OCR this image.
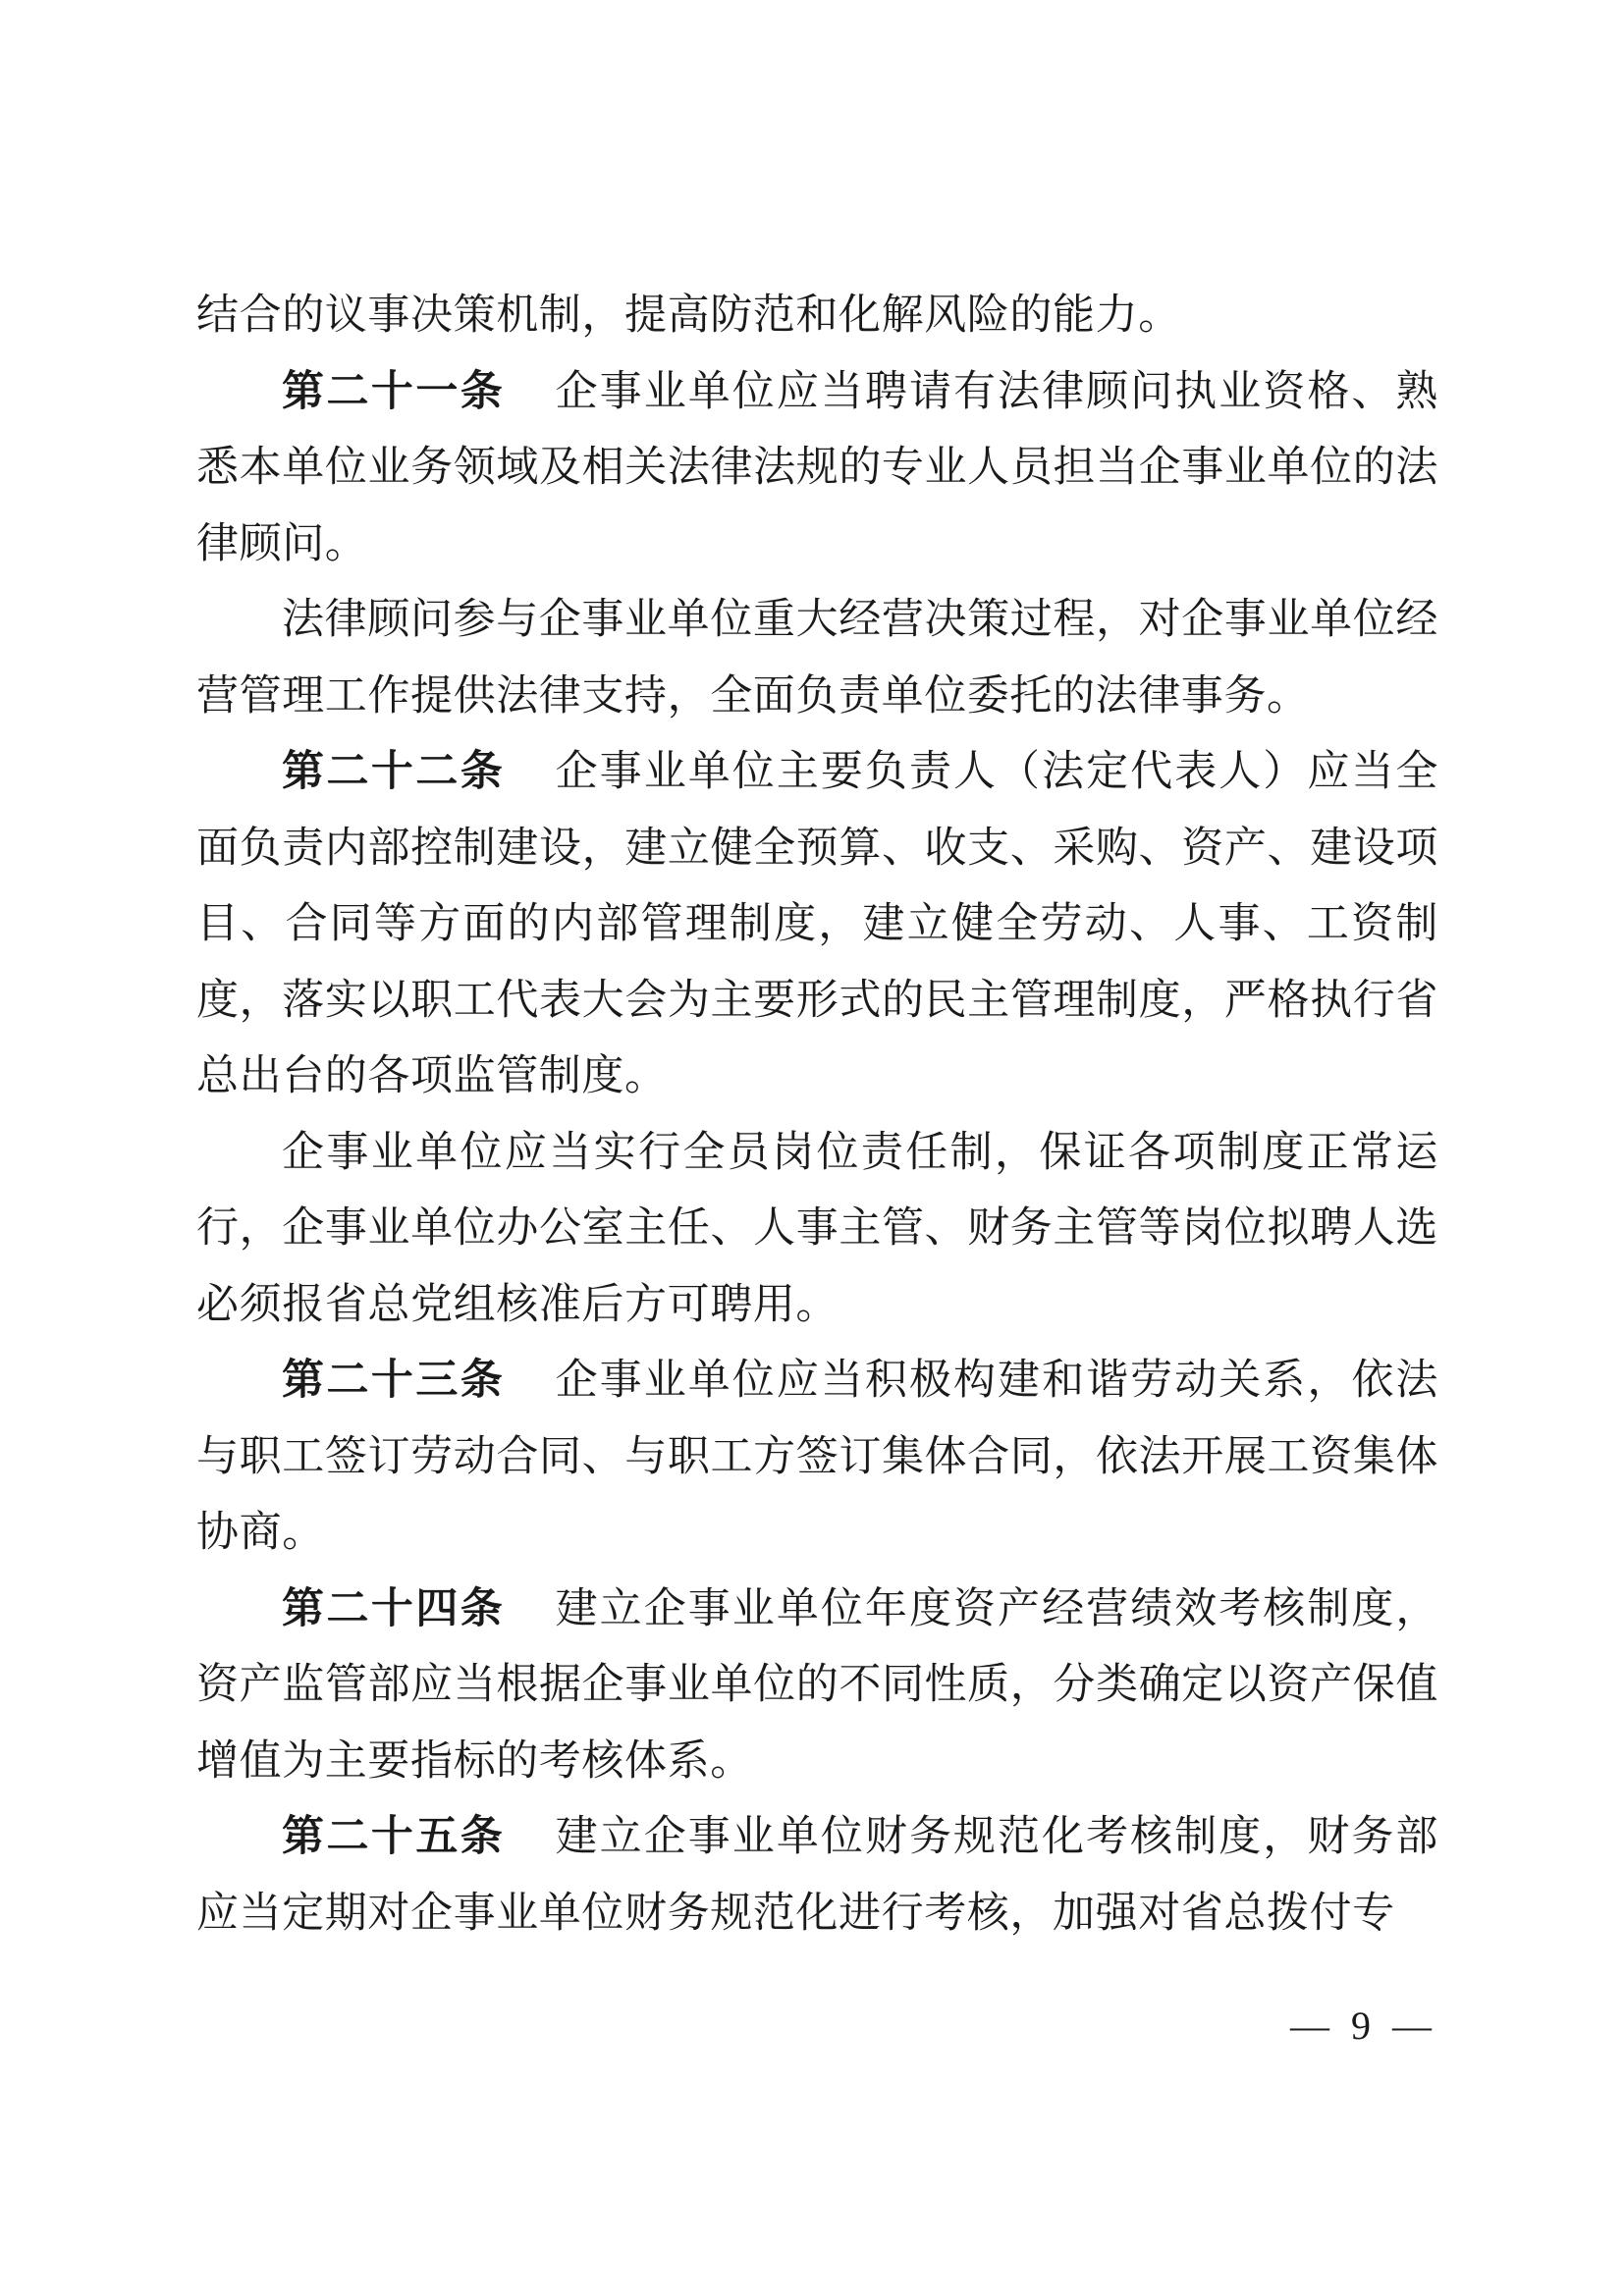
结合的议事决策机制，提高防范和化解风险的能力。

第二十一条 企事业单位应当聘请有法律顾问执业资格、熟悉本单位业务领域及相关法律法规的专业人员担当企事业单位的法律顾问。

法律顾问参与企事业单位重大经营决策过程，对企事业单位经营管理工作提供法律支持，全面负责单位委托的法律事务。

第二十二条 企事业单位主要负责人（法定代表人）应当全面负责内部控制建设，建立健全预算、收支、采购、资产、建设项目、合同等方面的内部管理制度，建立健全劳动、人事、工资制度，落实以职工代表大会为主要形式的民主管理制度，严格执行省总出台的各项监管制度。

企事业单位应当实行全员岗位责任制，保证各项制度正常运行，企事业单位办公室主任、人事主管、财务主管等岗位拟聘人选必须报省总党组核准后方可聘用。

第二十三条 企事业单位应当积极构建和谐劳动关系，依法与职工签订劳动合同、与职工方签订集体合同，依法开展工资集体协商。

第二十四条 建立企事业单位年度资产经营绩效考核制度，资产监管部应当根据企事业单位的不同性质，分类确定以资产保值增值为主要指标的考核体系。

第二十五条 建立企事业单位财务规范化考核制度，财务部应当定期对企事业单位财务规范化进行考核，加强对省总拨付专

— 9 —
